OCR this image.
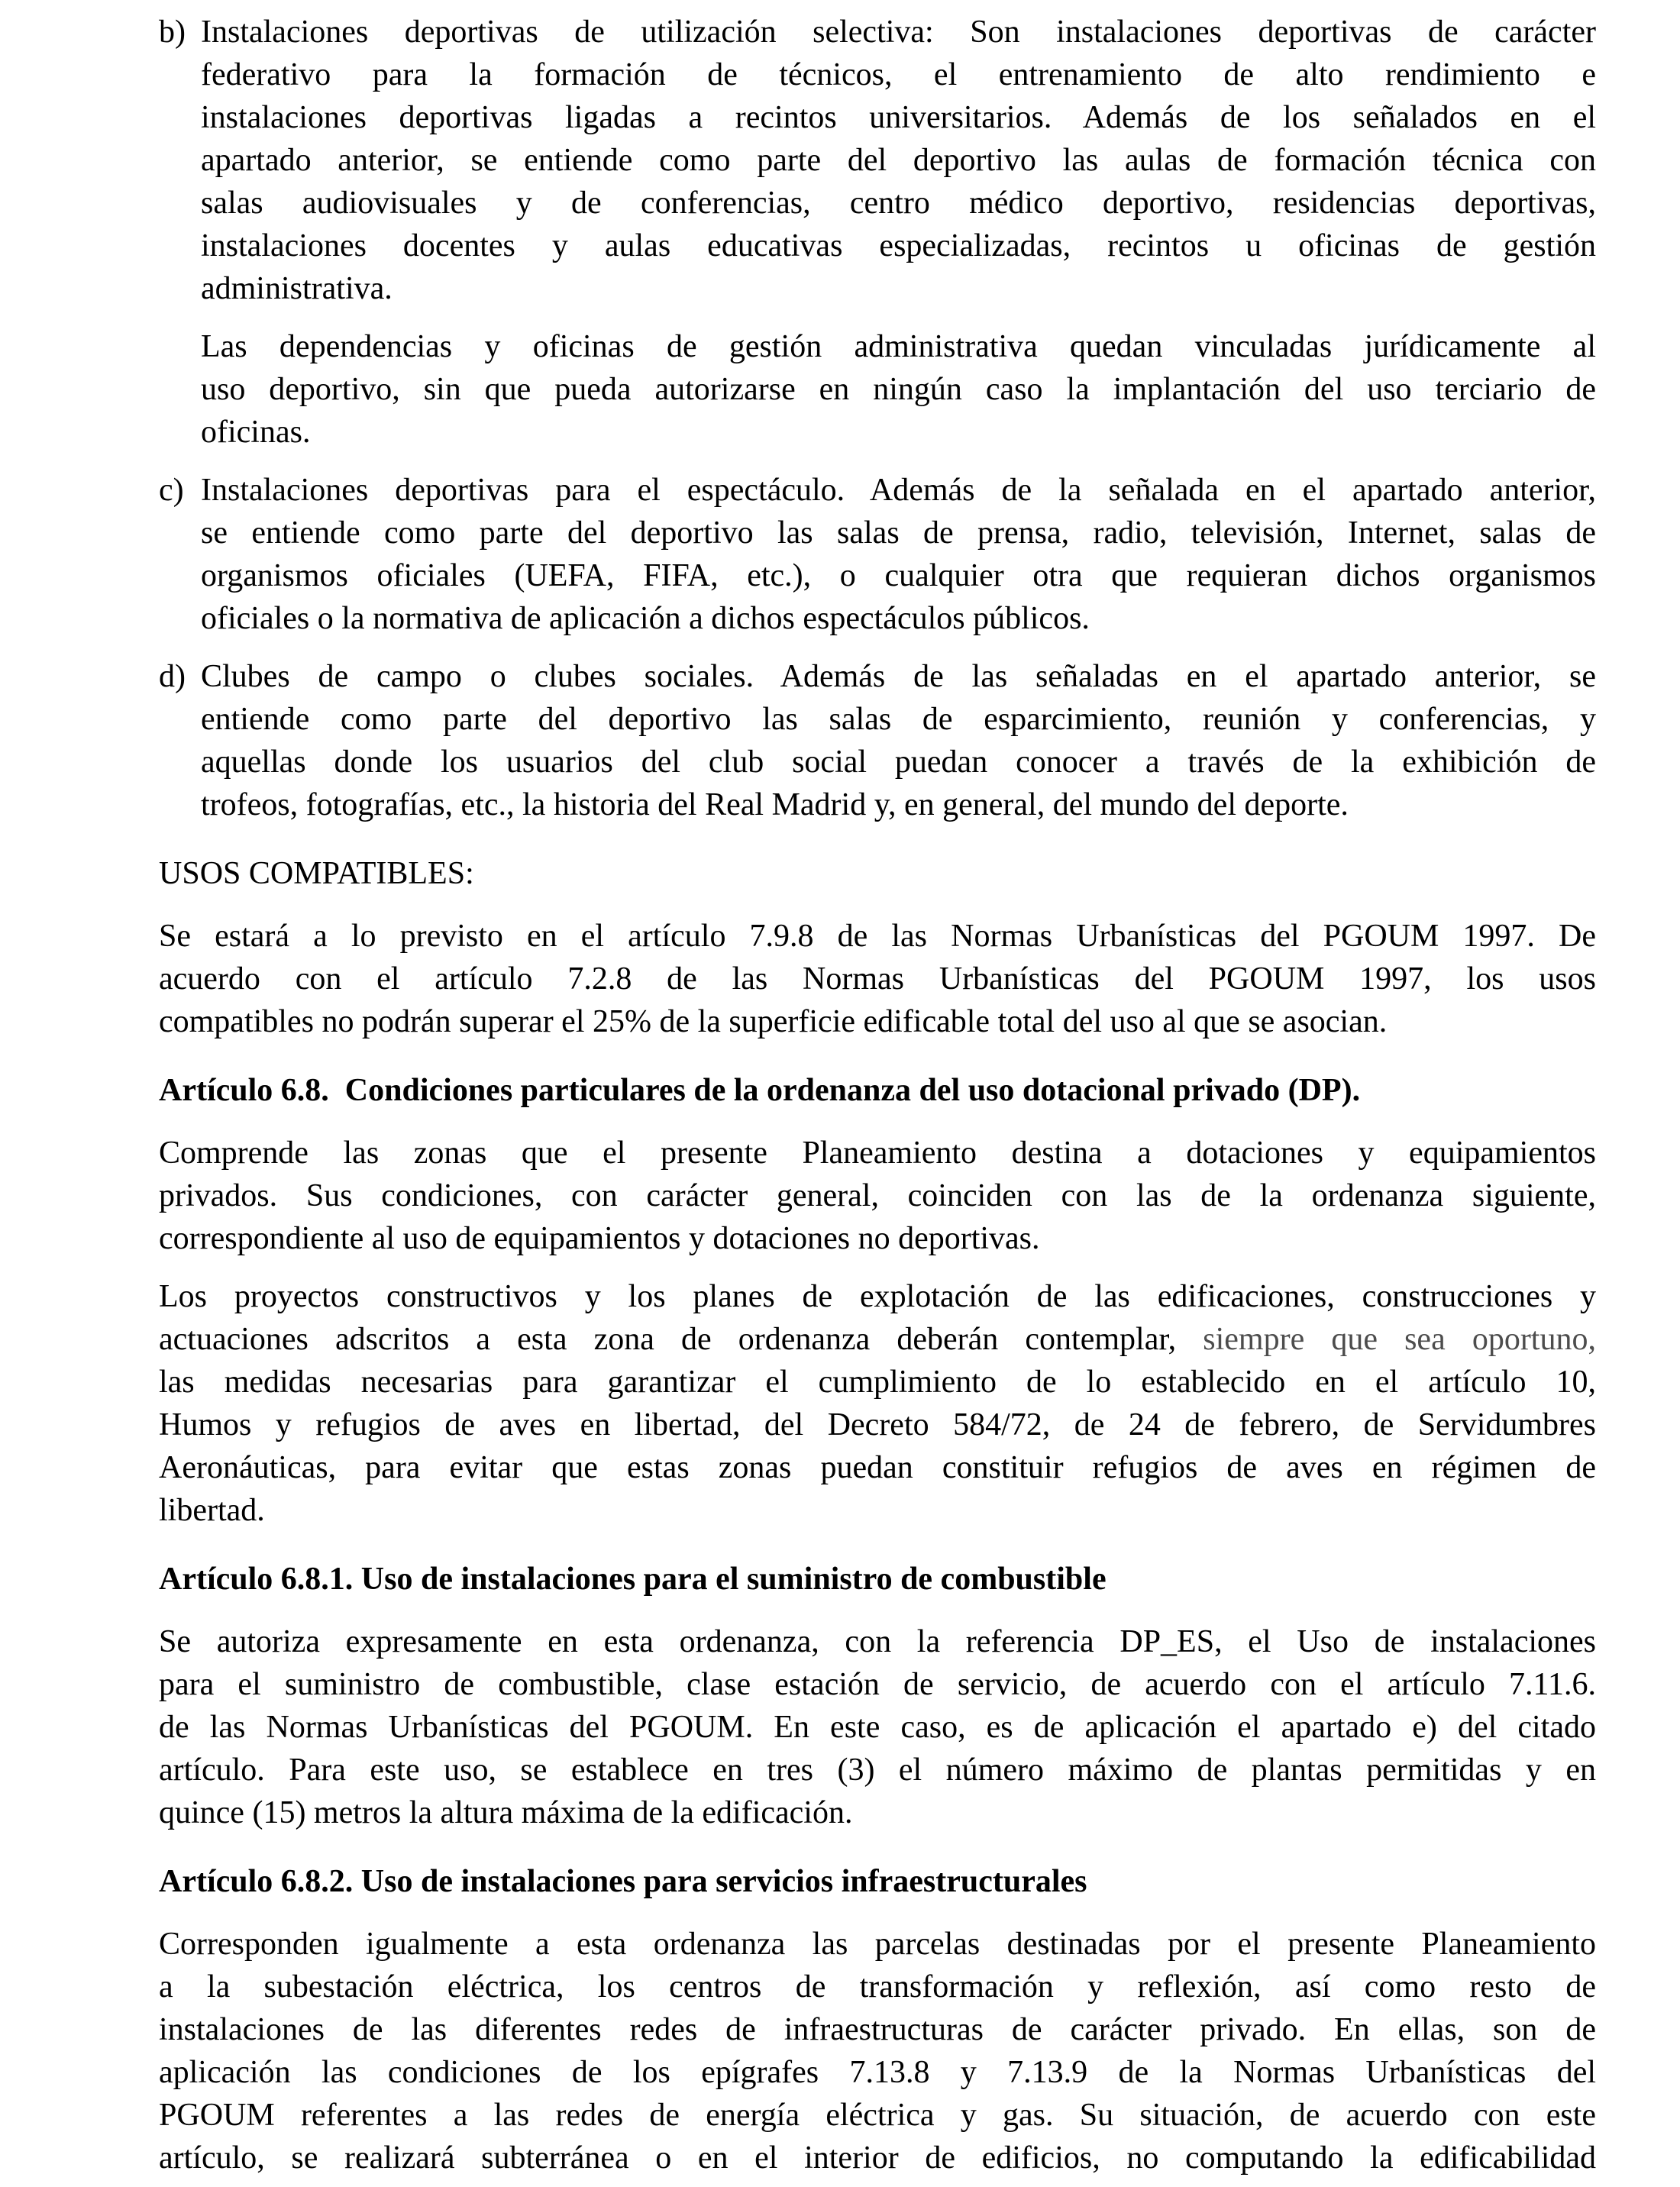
b) Instalaciones deportivas de utilización selectiva: Son instalaciones deportivas de carácter
federativo para la formación de técnicos, el entrenamiento de alto rendimiento e
instalaciones deportivas ligadas a recintos universitarios. Además de los señalados en el
apartado anterior, se entiende como parte del deportivo las aulas de formación técnica con
salas audiovisuales y de conferencias, centro médico deportivo, residencias deportivas,
instalaciones docentes y aulas educativas especializadas, recintos u oficinas de gestión
administrativa.
Las dependencias y oficinas de gestión administrativa quedan vinculadas jurídicamente al
uso deportivo, sin que pueda autorizarse en ningún caso la implantación del uso terciario de
oficinas.
c) Instalaciones deportivas para el espectáculo. Además de la señalada en el apartado anterior,
se entiende como parte del deportivo las salas de prensa, radio, televisión, Internet, salas de
organismos oficiales (UEFA, FIFA, etc.), o cualquier otra que requieran dichos organismos
oficiales o la normativa de aplicación a dichos espectáculos públicos.
d) Clubes de campo o clubes sociales. Además de las señaladas en el apartado anterior, se
entiende como parte del deportivo las salas de esparcimiento, reunión y conferencias, y
aquellas donde los usuarios del club social puedan conocer a través de la exhibición de
trofeos, fotografías, etc., la historia del Real Madrid y, en general, del mundo del deporte.
USOS COMPATIBLES:
Se estará a lo previsto en el artículo 7.9.8 de las Normas Urbanísticas del PGOUM 1997. De
acuerdo con el artículo 7.2.8 de las Normas Urbanísticas del PGOUM 1997, los usos
compatibles no podrán superar el 25% de la superficie edificable total del uso al que se asocian.
Artículo 6.8.  Condiciones particulares de la ordenanza del uso dotacional privado (DP).
Comprende las zonas que el presente Planeamiento destina a dotaciones y equipamientos
privados. Sus condiciones, con carácter general, coinciden con las de la ordenanza siguiente,
correspondiente al uso de equipamientos y dotaciones no deportivas.
Los proyectos constructivos y los planes de explotación de las edificaciones, construcciones y
actuaciones adscritos a esta zona de ordenanza deberán contemplar, siempre que sea oportuno,
las medidas necesarias para garantizar el cumplimiento de lo establecido en el artículo 10,
Humos y refugios de aves en libertad, del Decreto 584/72, de 24 de febrero, de Servidumbres
Aeronáuticas, para evitar que estas zonas puedan constituir refugios de aves en régimen de
libertad.
Artículo 6.8.1. Uso de instalaciones para el suministro de combustible
Se autoriza expresamente en esta ordenanza, con la referencia DP_ES, el Uso de instalaciones
para el suministro de combustible, clase estación de servicio, de acuerdo con el artículo 7.11.6.
de las Normas Urbanísticas del PGOUM. En este caso, es de aplicación el apartado e) del citado
artículo. Para este uso, se establece en tres (3) el número máximo de plantas permitidas y en
quince (15) metros la altura máxima de la edificación.
Artículo 6.8.2. Uso de instalaciones para servicios infraestructurales
Corresponden igualmente a esta ordenanza las parcelas destinadas por el presente Planeamiento
a la subestación eléctrica, los centros de transformación y reflexión, así como resto de
instalaciones de las diferentes redes de infraestructuras de carácter privado. En ellas, son de
aplicación las condiciones de los epígrafes 7.13.8 y 7.13.9 de la Normas Urbanísticas del
PGOUM referentes a las redes de energía eléctrica y gas. Su situación, de acuerdo con este
artículo, se realizará subterránea o en el interior de edificios, no computando la edificabilidad
